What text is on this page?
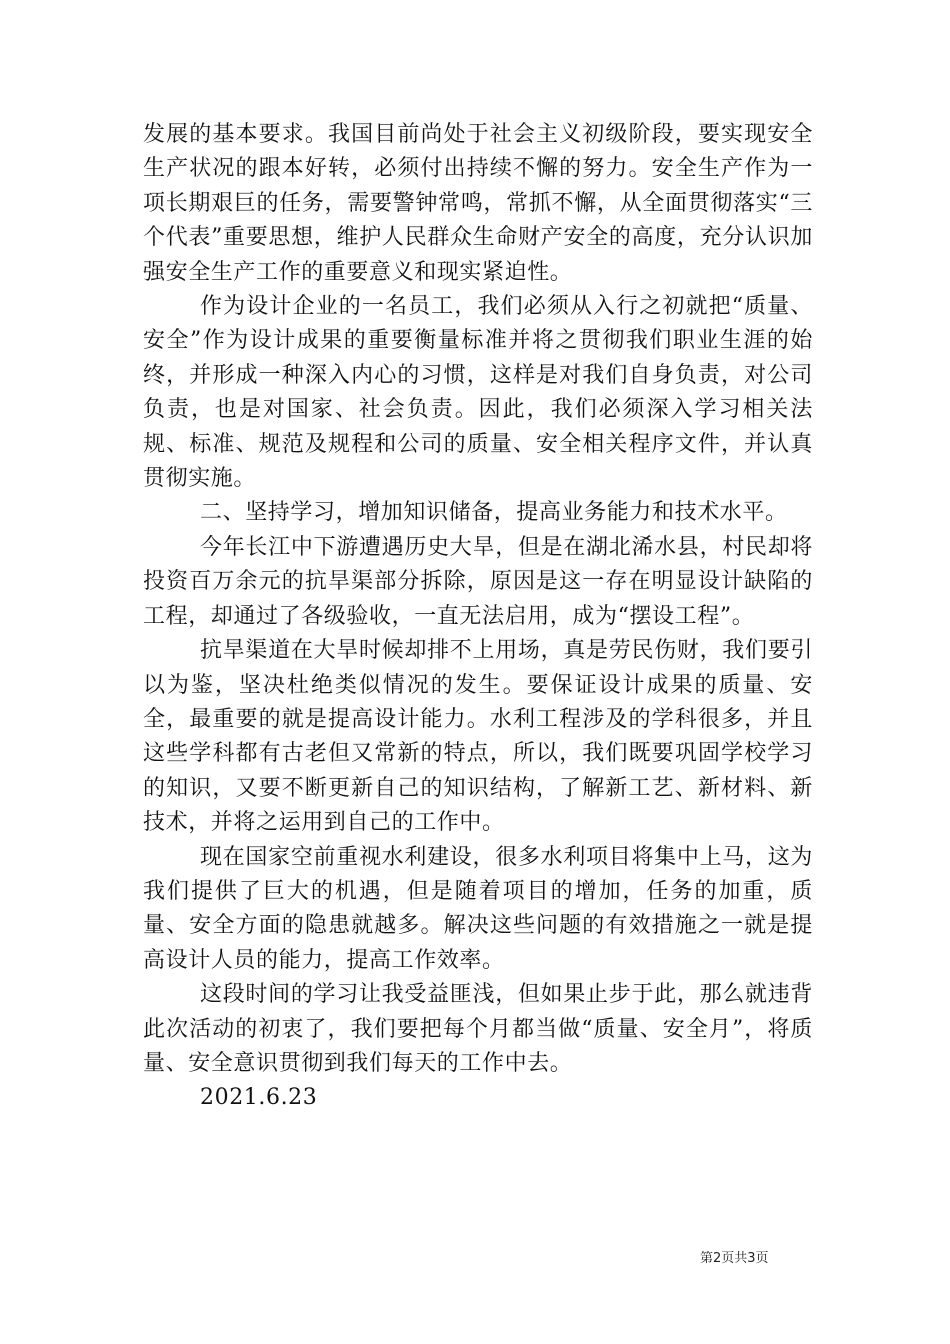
发展的基本要求。我国目前尚处于社会主义初级阶段，要实现安全生产状况的跟本好转，必须付出持续不懈的努力。安全生产作为一项长期艰巨的任务，需要警钟常鸣，常抓不懈，从全面贯彻落实“三个代表”重要思想，维护人民群众生命财产安全的高度，充分认识加强安全生产工作的重要意义和现实紧迫性。

作为设计企业的一名员工，我们必须从入行之初就把“质量、安全”作为设计成果的重要衡量标准并将之贯彻我们职业生涯的始终，并形成一种深入内心的习惯，这样是对我们自身负责，对公司负责，也是对国家、社会负责。因此，我们必须深入学习相关法规、标准、规范及规程和公司的质量、安全相关程序文件，并认真贯彻实施。

二、坚持学习，增加知识储备，提高业务能力和技术水平。

今年长江中下游遭遇历史大旱，但是在湖北浠水县，村民却将投资百万余元的抗旱渠部分拆除，原因是这一存在明显设计缺陷的工程，却通过了各级验收，一直无法启用，成为“摆设工程”。

抗旱渠道在大旱时候却排不上用场，真是劳民伤财，我们要引以为鉴，坚决杜绝类似情况的发生。要保证设计成果的质量、安全，最重要的就是提高设计能力。水利工程涉及的学科很多，并且这些学科都有古老但又常新的特点，所以，我们既要巩固学校学习的知识，又要不断更新自己的知识结构，了解新工艺、新材料、新技术，并将之运用到自己的工作中。

现在国家空前重视水利建设，很多水利项目将集中上马，这为我们提供了巨大的机遇，但是随着项目的增加，任务的加重，质量、安全方面的隐患就越多。解决这些问题的有效措施之一就是提高设计人员的能力，提高工作效率。

这段时间的学习让我受益匪浅，但如果止步于此，那么就违背此次活动的初衷了，我们要把每个月都当做“质量、安全月”，将质量、安全意识贯彻到我们每天的工作中去。

2021.6.23

第2页共3页
